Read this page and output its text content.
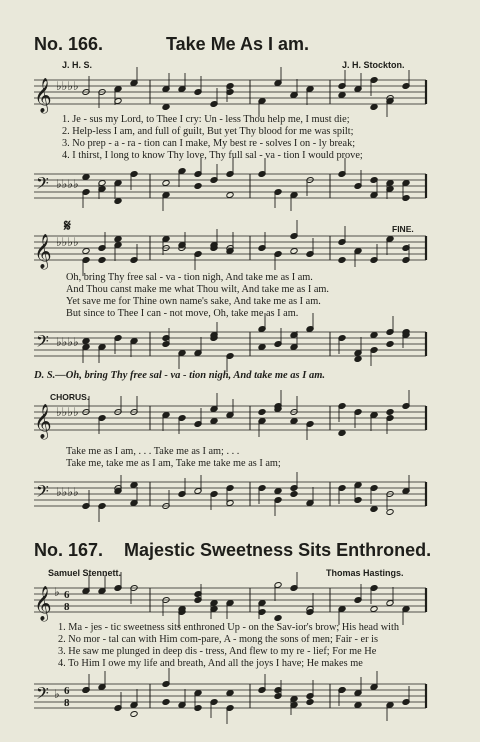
No. 166.	Take Me As I am.
J. H. S.	J. H. Stockton.
𝄞 ♭♭♭♭
1. Je - sus my Lord, to Thee I cry: Un - less Thou help me, I must die;
2. Help-less I am, and full of guilt, But yet Thy blood for me was spilt;
3. No prep - a - ra - tion can I make, My best re - solves I on - ly break;
4. I thirst, I long to know Thy love, Thy full sal - va - tion I would prove;
𝄢 ♭♭♭♭
𝄋	FINE.
𝄞 ♭♭♭♭
Oh, bring Thy free sal - va - tion nigh, And take me as I am.
And Thou canst make me what Thou wilt, And take me as I am.
Yet save me for Thine own name's sake, And take me as I am.
But since to Thee I can - not move, Oh, take me as I am.
𝄢 ♭♭♭♭
D. S.—Oh, bring Thy free sal - va - tion nigh, And take me as I am.
CHORUS.
𝄞 ♭♭♭♭
Take me as I am, . . . Take me as I am; . . .
Take me, take me as I am, Take me take me as I am;
𝄢 ♭♭♭♭
No. 167. Majestic Sweetness Sits Enthroned.
Samuel Stennett.	Thomas Hastings.
𝄞 ♭ 6
8
1. Ma - jes - tic sweetness sits enthroned Up - on the Sav-ior's brow; His head with
2. No mor - tal can with Him com-pare, A - mong the sons of men; Fair - er is
3. He saw me plunged in deep dis - tress, And flew to my re - lief; For me He
4. To Him I owe my life and breath, And all the joys I have; He makes me
𝄢 ♭ 6
8
